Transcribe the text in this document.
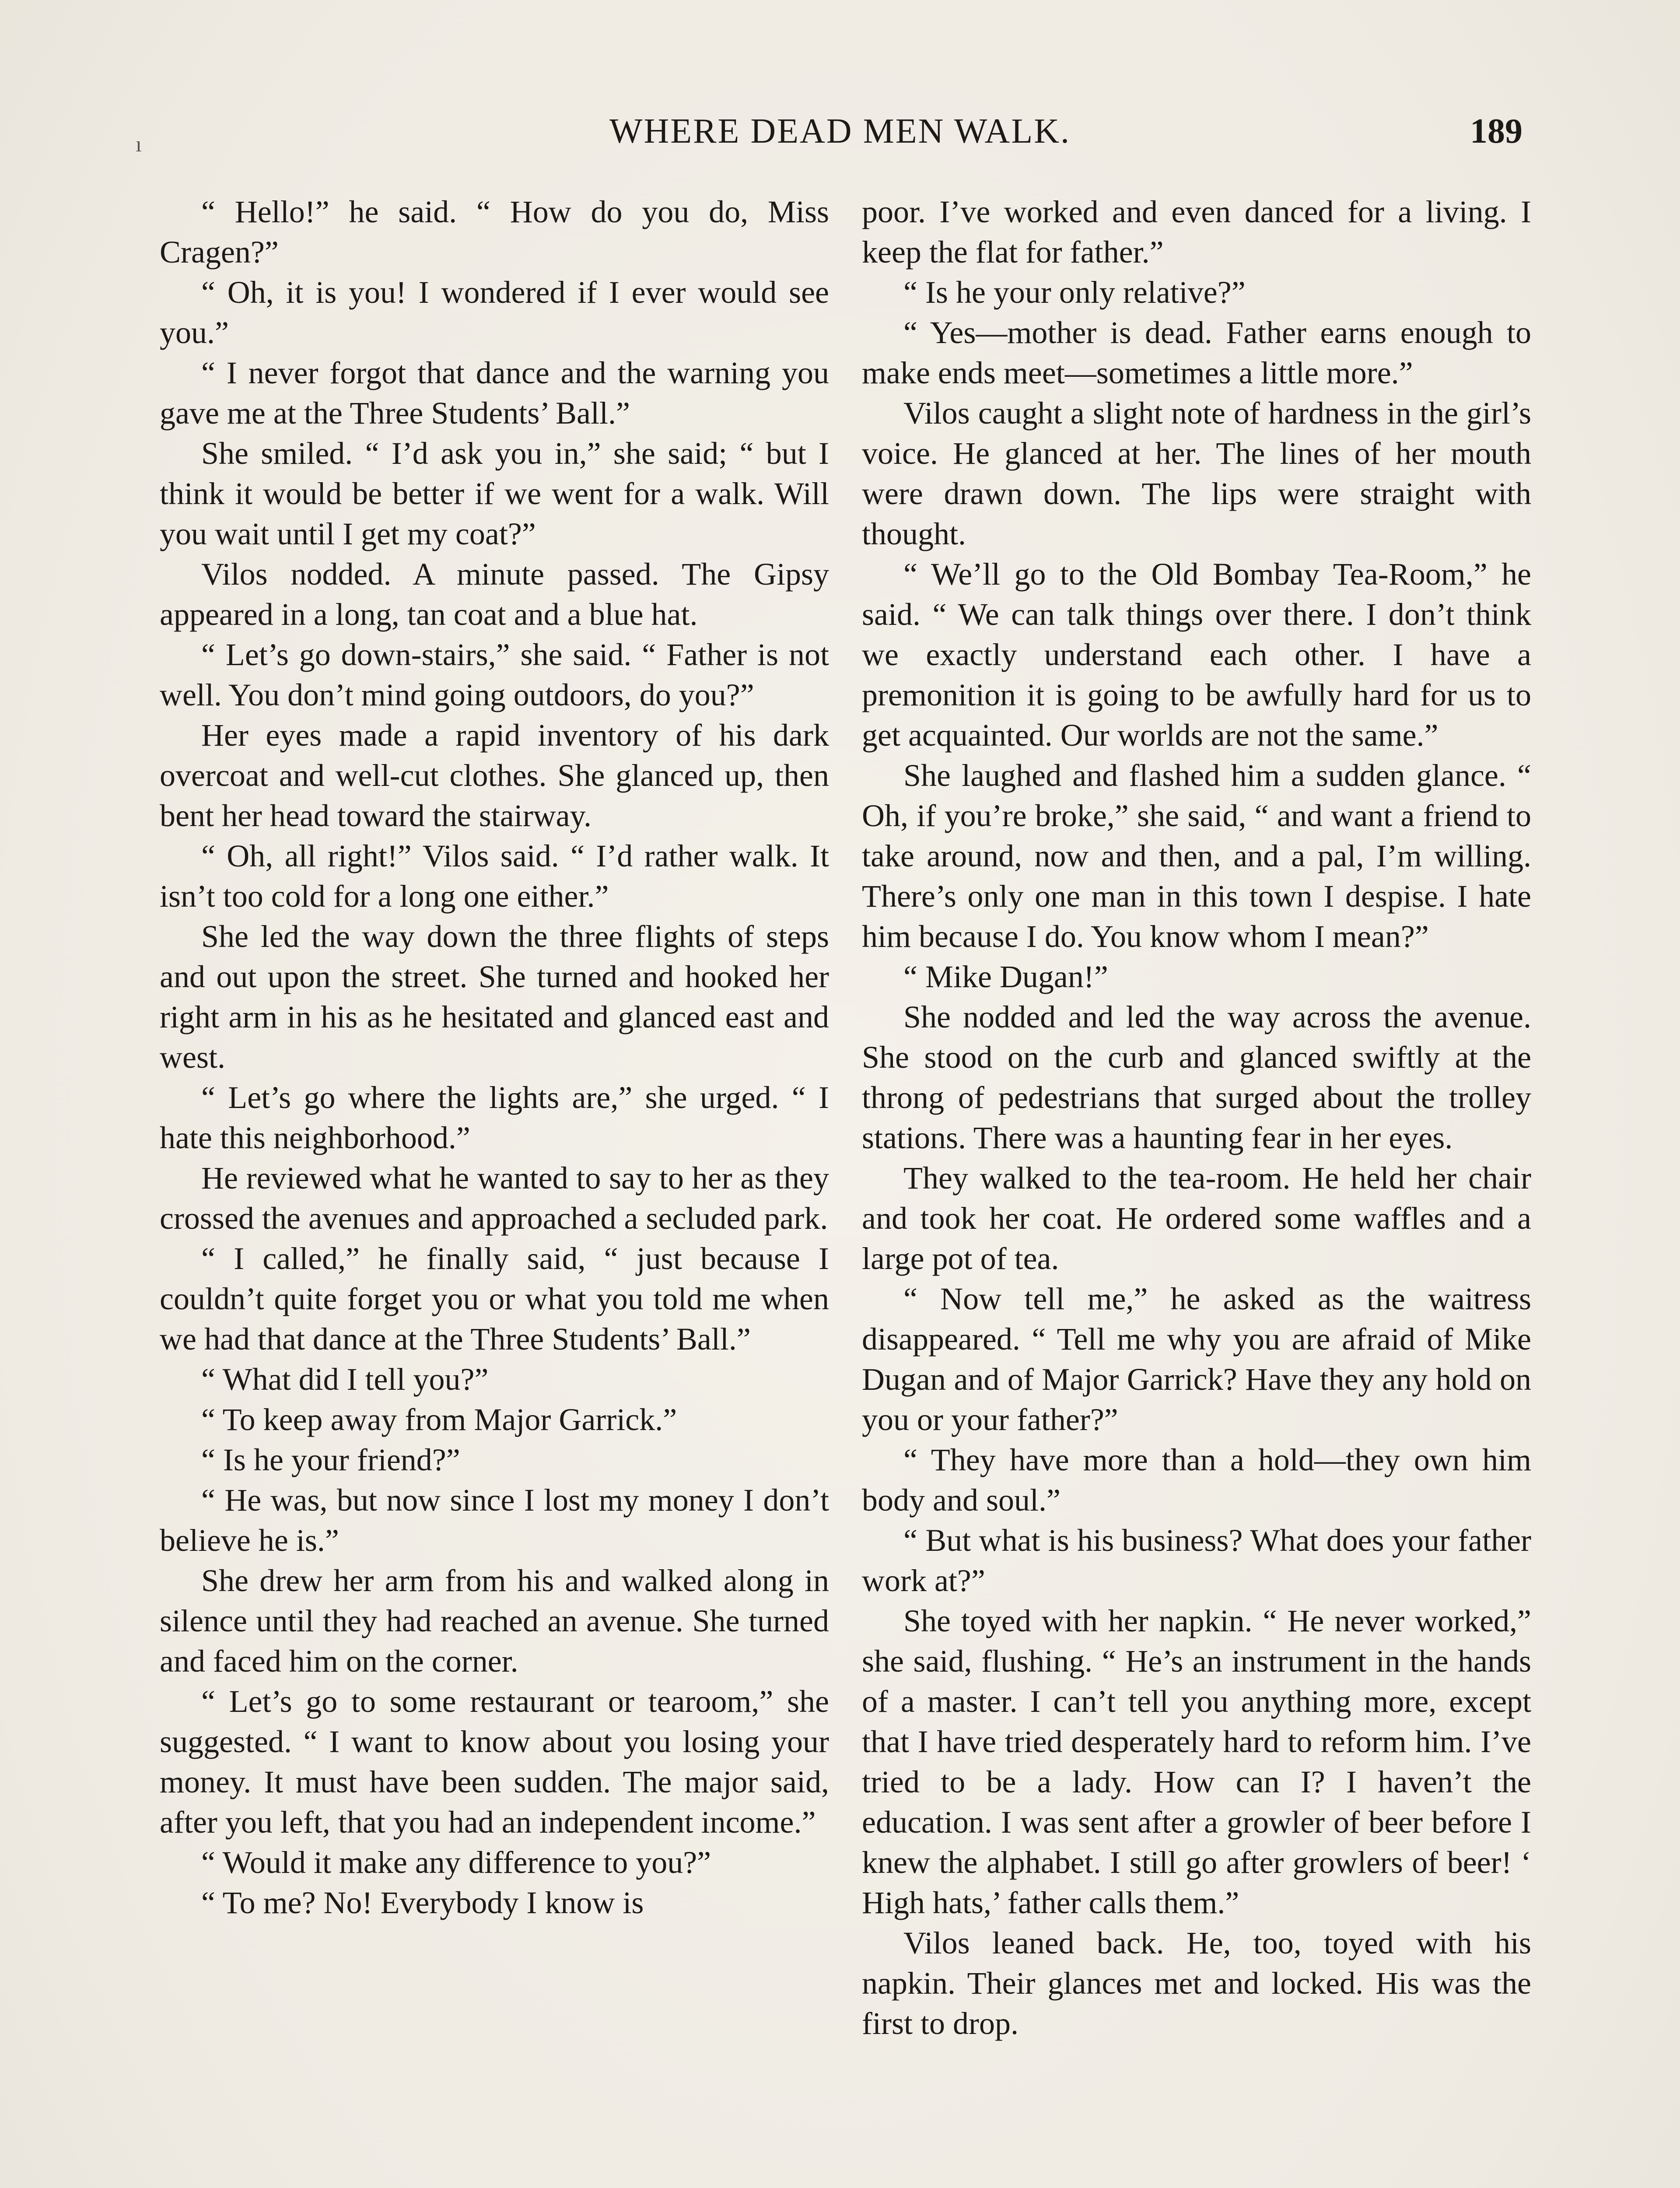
ı	WHERE DEAD MEN WALK.	189

“ Hello!” he said. “ How do you do, Miss Cragen?”

“ Oh, it is you! I wondered if I ever would see you.”

“ I never forgot that dance and the warning you gave me at the Three Students’ Ball.”

She smiled. “ I’d ask you in,” she said; “ but I think it would be better if we went for a walk. Will you wait until I get my coat?”

Vilos nodded. A minute passed. The Gipsy appeared in a long, tan coat and a blue hat.

“ Let’s go down-stairs,” she said. “ Father is not well. You don’t mind going outdoors, do you?”

Her eyes made a rapid inventory of his dark overcoat and well-cut clothes. She glanced up, then bent her head toward the stairway.

“ Oh, all right!” Vilos said. “ I’d rather walk. It isn’t too cold for a long one either.”

She led the way down the three flights of steps and out upon the street. She turned and hooked her right arm in his as he hesitated and glanced east and west.

“ Let’s go where the lights are,” she urged. “ I hate this neighborhood.”

He reviewed what he wanted to say to her as they crossed the avenues and approached a secluded park.

“ I called,” he finally said, “ just because I couldn’t quite forget you or what you told me when we had that dance at the Three Students’ Ball.”

“ What did I tell you?”

“ To keep away from Major Garrick.”

“ Is he your friend?”

“ He was, but now since I lost my money I don’t believe he is.”

She drew her arm from his and walked along in silence until they had reached an avenue. She turned and faced him on the corner.

“ Let’s go to some restaurant or tearoom,” she suggested. “ I want to know about you losing your money. It must have been sudden. The major said, after you left, that you had an independent income.”

“ Would it make any difference to you?”

“ To me? No! Everybody I know is

poor. I’ve worked and even danced for a living. I keep the flat for father.”

“ Is he your only relative?”

“ Yes—mother is dead. Father earns enough to make ends meet—sometimes a little more.”

Vilos caught a slight note of hardness in the girl’s voice. He glanced at her. The lines of her mouth were drawn down. The lips were straight with thought.

“ We’ll go to the Old Bombay Tea-Room,” he said. “ We can talk things over there. I don’t think we exactly understand each other. I have a premonition it is going to be awfully hard for us to get acquainted. Our worlds are not the same.”

She laughed and flashed him a sudden glance. “ Oh, if you’re broke,” she said, “ and want a friend to take around, now and then, and a pal, I’m willing. There’s only one man in this town I despise. I hate him because I do. You know whom I mean?”

“ Mike Dugan!”

She nodded and led the way across the avenue. She stood on the curb and glanced swiftly at the throng of pedestrians that surged about the trolley stations. There was a haunting fear in her eyes.

They walked to the tea-room. He held her chair and took her coat. He ordered some waffles and a large pot of tea.

“ Now tell me,” he asked as the waitress disappeared. “ Tell me why you are afraid of Mike Dugan and of Major Garrick? Have they any hold on you or your father?”

“ They have more than a hold—they own him body and soul.”

“ But what is his business? What does your father work at?”

She toyed with her napkin. “ He never worked,” she said, flushing. “ He’s an instrument in the hands of a master. I can’t tell you anything more, except that I have tried desperately hard to reform him. I’ve tried to be a lady. How can I? I haven’t the education. I was sent after a growler of beer before I knew the alphabet. I still go after growlers of beer! ‘ High hats,’ father calls them.”

Vilos leaned back. He, too, toyed with his napkin. Their glances met and locked. His was the first to drop.
